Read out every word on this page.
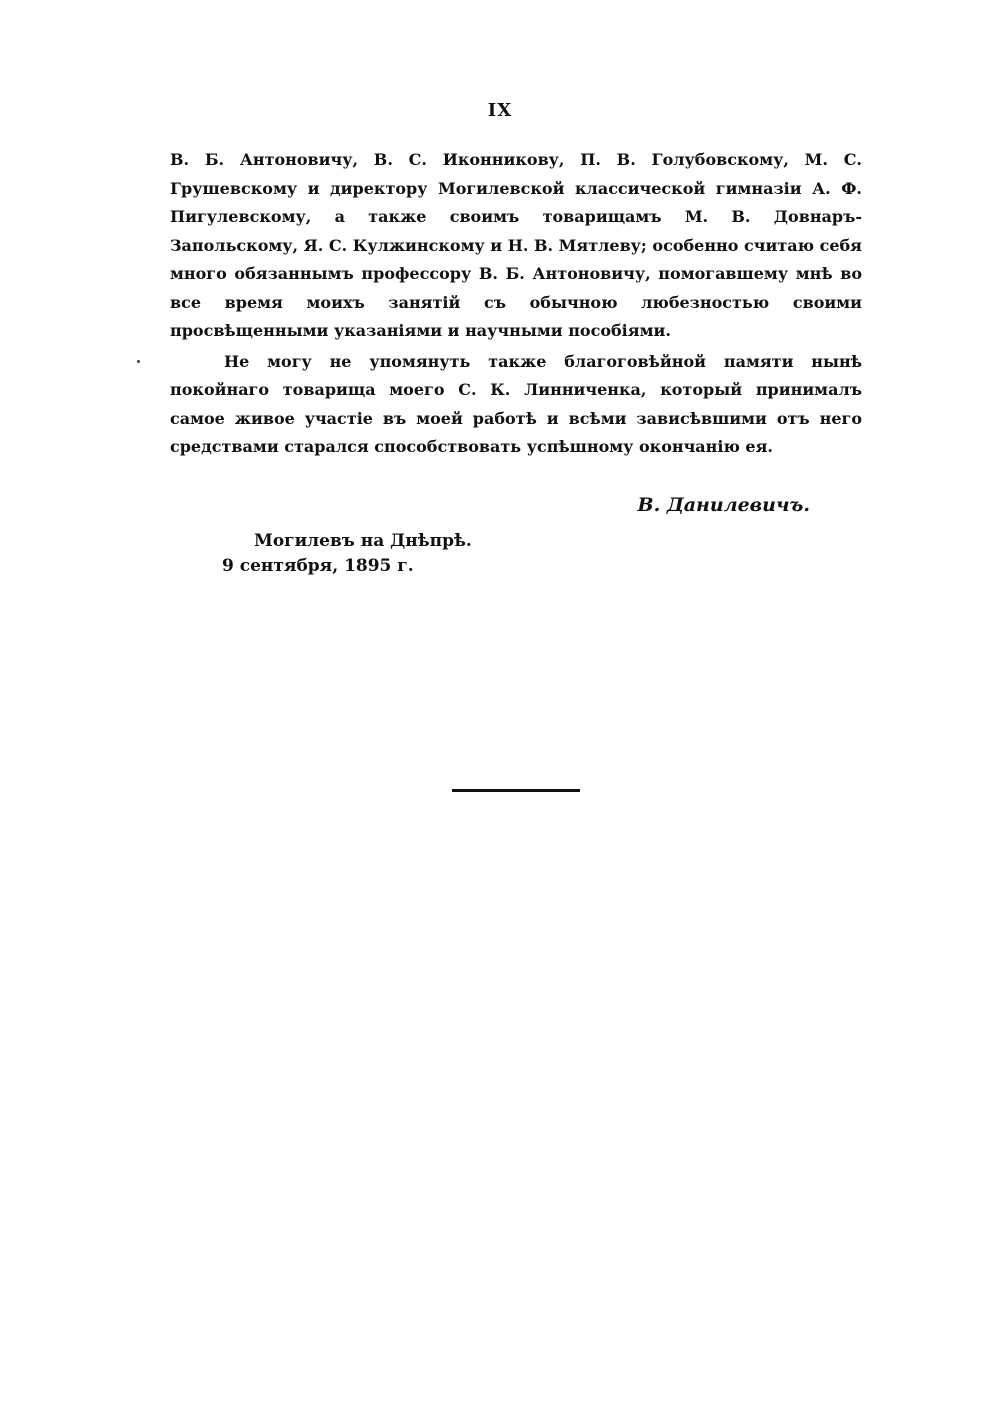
IX

В. Б. Антоновичу, В. С. Иконникову, П. В. Голубовскому, М. С. Грушевскому и директору Могилевской классической гимназіи А. Ф. Пигулевскому, а также своимъ товарищамъ М. В. Довнаръ-Запольскому, Я. С. Кулжинскому и Н. В. Мятлеву; особенно считаю себя много обязаннымъ профессору В. Б. Антоновичу, помогавшему мнѣ во все время моихъ занятій съ обычною любезностью своими просвѣщенными указаніями и научными пособіями.

Не могу не упомянуть также благоговѣйной памяти нынѣ покойнаго товарища моего С. К. Линниченка, который принималъ самое живое участіе въ моей работѣ и всѣми зависѣвшими отъ него средствами старался способствовать успѣшному окончанію ея.

В. Данилевичъ.
Могилевъ на Днѣпрѣ.
9 сентября, 1895 г.
